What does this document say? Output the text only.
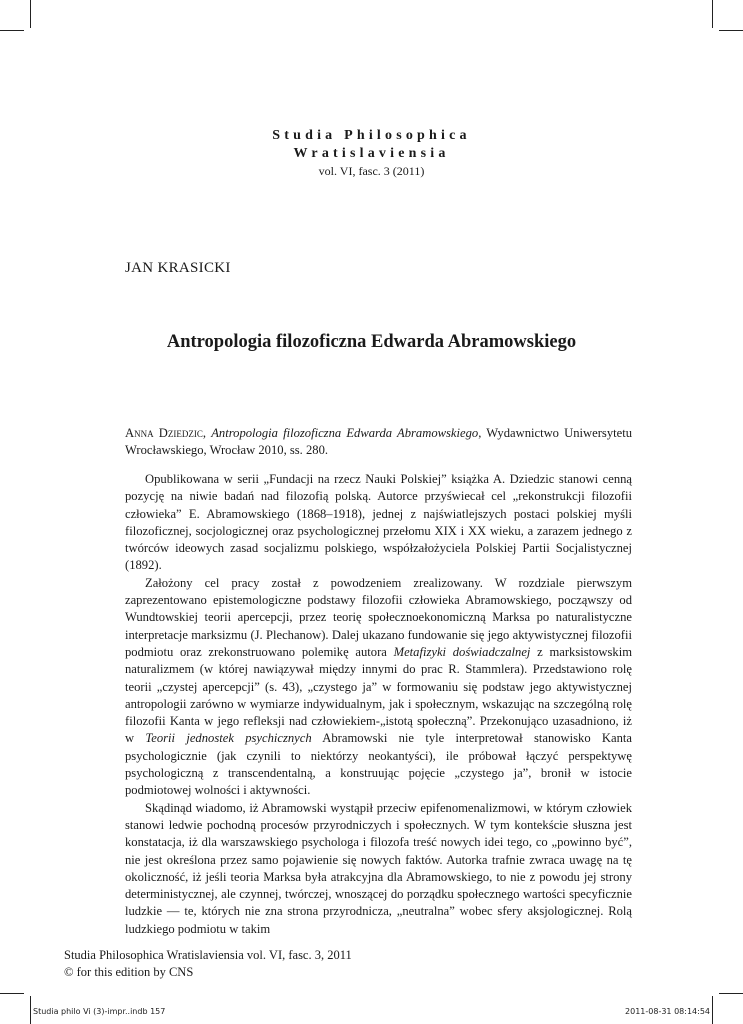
Studia Philosophica
Wratislaviensia
vol. VI, fasc. 3 (2011)
JAN KRASICKI
Antropologia filozoficzna Edwarda Abramowskiego

Anna Dziedzic, Antropologia filozoficzna Edwarda Abramowskiego, Wydawnictwo Uniwersytetu Wrocławskiego, Wrocław 2010, ss. 280.

Opublikowana w serii „Fundacji na rzecz Nauki Polskiej” książka A. Dziedzic stanowi cenną pozycję na niwie badań nad filozofią polską. Autorce przyświecał cel „rekonstrukcji filozofii człowieka” E. Abramowskiego (1868–1918), jednej z najświatlejszych postaci polskiej myśli filozoficznej, socjologicznej oraz psychologicznej przełomu XIX i XX wieku, a zarazem jednego z twórców ideowych zasad socjalizmu polskiego, współzałożyciela Polskiej Partii Socjalistycznej (1892).

Założony cel pracy został z powodzeniem zrealizowany. W rozdziale pierwszym zaprezentowano epistemologiczne podstawy filozofii człowieka Abramowskiego, począwszy od Wundtowskiej teorii apercepcji, przez teorię społecznoekonomiczną Marksa po naturalistyczne interpretacje marksizmu (J. Plechanow). Dalej ukazano fundowanie się jego aktywistycznej filozofii podmiotu oraz zrekonstruowano polemikę autora Metafizyki doświadczalnej z marksistowskim naturalizmem (w której nawiązywał między innymi do prac R. Stammlera). Przedstawiono rolę teorii „czystej apercepcji” (s. 43), „czystego ja” w formowaniu się podstaw jego aktywistycznej antropologii zarówno w wymiarze indywidualnym, jak i społecznym, wskazując na szczególną rolę filozofii Kanta w jego refleksji nad człowiekiem-„istotą społeczną”. Przekonująco uzasadniono, iż w Teorii jednostek psychicznych Abramowski nie tyle interpretował stanowisko Kanta psychologicznie (jak czynili to niektórzy neokantyści), ile próbował łączyć perspektywę psychologiczną z transcendentalną, a konstruując pojęcie „czystego ja”, bronił w istocie podmiotowej wolności i aktywności.

Skądinąd wiadomo, iż Abramowski wystąpił przeciw epifenomenalizmowi, w którym człowiek stanowi ledwie pochodną procesów przyrodniczych i społecznych. W tym kontekście słuszna jest konstatacja, iż dla warszawskiego psychologa i filozofa treść nowych idei tego, co „powinno być”, nie jest określona przez samo pojawienie się nowych faktów. Autorka trafnie zwraca uwagę na tę okoliczność, iż jeśli teoria Marksa była atrakcyjna dla Abramowskiego, to nie z powodu jej strony deterministycznej, ale czynnej, twórczej, wnoszącej do porządku społecznego wartości specyficznie ludzkie — te, których nie zna strona przyrodnicza, „neutralna” wobec sfery aksjologicznej. Rolą ludzkiego podmiotu w takim

Studia Philosophica Wratislaviensia vol. VI, fasc. 3, 2011
© for this edition by CNS
Studia philo Vi (3)-impr..indb 157	2011-08-31 08:14:54
